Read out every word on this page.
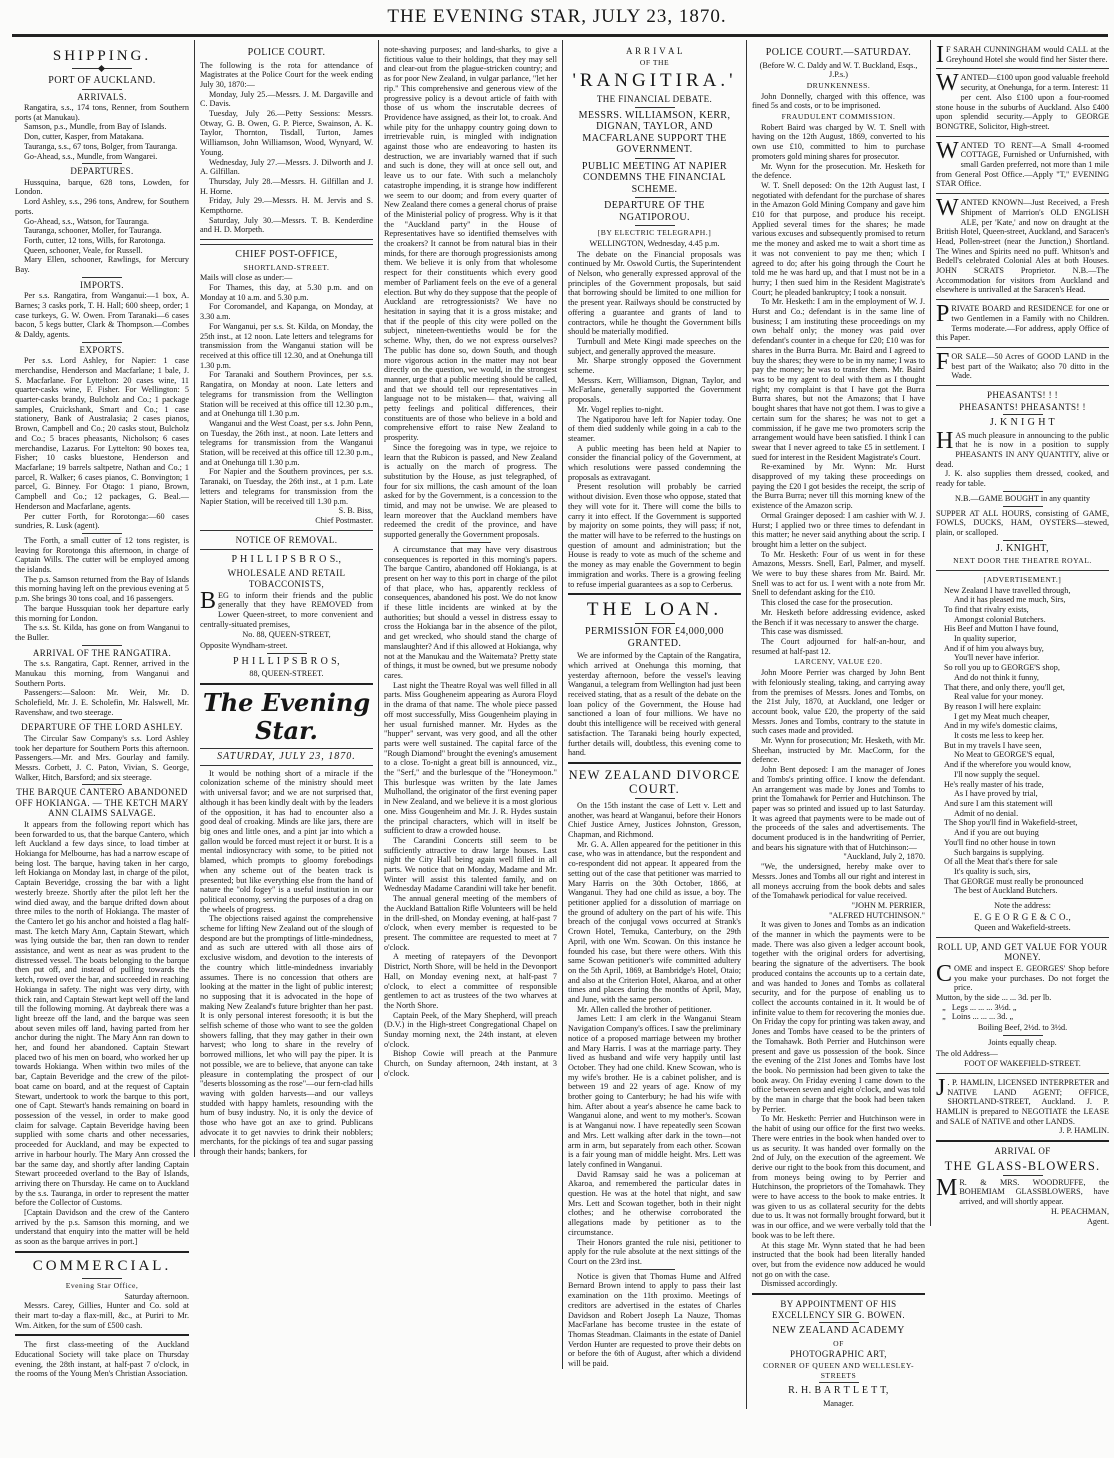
THE EVENING STAR, JULY 23, 1870.
SHIPPING.
PORT OF AUCKLAND.
ARRIVALS.

Rangatira, s.s., 174 tons, Renner, from Southern ports (at Manukau).

Samson, p.s., Mundle, from Bay of Islands.

Don, cutter, Kasper, from Matakana.

Tauranga, s.s., 67 tons, Bolger, from Tauranga.

Go-Ahead, s.s., Mundle, from Wangarei.

DEPARTURES.

Hussquina, barque, 628 tons, Lowden, for London.

Lord Ashley, s.s., 296 tons, Andrew, for Southern ports.

Go-Ahead, s.s., Watson, for Tauranga.

Tauranga, schooner, Moller, for Tauranga.

Forth, cutter, 12 tons, Wills, for Rarotonga.

Queen, schooner, Veale, for Russell.

Mary Ellen, schooner, Rawlings, for Mercury Bay.

IMPORTS.

Per s.s. Rangatira, from Wanganui:—1 box, A. Barnes; 3 casks pork, T. H. Hall; 600 sheep, order; 1 case turkeys, G. W. Owen. From Taranaki—6 cases bacon, 5 kegs butter, Clark & Thompson.—Combes & Daldy, agents.

EXPORTS.

Per s.s. Lord Ashley, for Napier: 1 case merchandise, Henderson and Macfarlane; 1 bale, J. S. Macfarlane. For Lyttelton: 20 cases wine, 11 quarter-casks wine, F. Fisher. For Wellington: 5 quarter-casks brandy, Bulcholz and Co.; 1 package samples, Cruickshank, Smart and Co.; 1 case stationery, Bank of Australasia; 2 cases pianos, Brown, Campbell and Co.; 20 casks stout, Bulcholz and Co.; 5 braces pheasants, Nicholson; 6 cases merchandise, Lazarus. For Lyttelton: 90 boxes tea, Fisher; 10 casks bluestone, Henderson and Macfarlane; 19 barrels saltpetre, Nathan and Co.; 1 parcel, R. Walker; 6 cases pianos, C. Bonvington; 1 parcel, G. Binney. For Otago: 1 piano, Brown, Campbell and Co.; 12 packages, G. Beal.—Henderson and Macfarlane, agents.

Per cutter Forth, for Rorotonga:—60 cases sundries, R. Lusk (agent).

The Forth, a small cutter of 12 tons register, is leaving for Rorotonga this afternoon, in charge of Captain Wills. The cutter will be employed among the islands.

The p.s. Samson returned from the Bay of Islands this morning having left on the previous evening at 5 p.m. She brings 30 tons coal, and 16 passengers.

The barque Hussquian took her departure early this morning for London.

The s.s. St. Kilda, has gone on from Wanganui to the Buller.

ARRIVAL OF THE RANGATIRA.

The s.s. Rangatira, Capt. Renner, arrived in the Manukau this morning, from Wanganui and Southern Ports.

Passengers:—Saloon: Mr. Weir, Mr. D. Scholefield, Mr. J. E. Scholefin, Mr. Halswell, Mr. Ravenshaw, and two steerage.

DEPARTURE OF THE LORD ASHLEY.

The Circular Saw Company's s.s. Lord Ashley took her departure for Southern Ports this afternoon. Passengers.—Mr. and Mrs. Gourlay and family. Messrs. Corbett, J. C. Paton, Vivian, S. George, Walker, Hitch, Barsford; and six steerage.

THE BARQUE CANTERO ABANDONED OFF HOKIANGA. — THE KETCH MARY ANN CLAIMS SALVAGE.

It appears from the following report which has been forwarded to us, that the barque Cantero, which left Auckland a few days since, to load timber at Hokianga for Melbourne, has had a narrow escape of being lost. The barque, having taken in her cargo, left Hokianga on Monday last, in charge of the pilot, Captain Beveridge, crossing the bar with a light westerly breeze. Shortly after the pilot left her the wind died away, and the barque drifted down about three miles to the north of Hokianga. The master of the Cantero let go his anchor and hoisted a flag half-mast. The ketch Mary Ann, Captain Stewart, which was lying outside the bar, then ran down to render assistance, and went as near as was prudent to the distressed vessel. The boats belonging to the barque then put off, and instead of pulling towards the ketch, rowed over the bar, and succeeded in reaching Hokianga in safety. The night was very dirty, with thick rain, and Captain Stewart kept well off the land till the following morning. At daybreak there was a light breeze off the land, and the barque was seen about seven miles off land, having parted from her anchor during the night. The Mary Ann ran down to her, and found her abandoned. Captain Stewart placed two of his men on board, who worked her up towards Hokianga. When within two miles of the bar, Captain Beveridge and the crew of the pilot-boat came on board, and at the request of Captain Stewart, undertook to work the barque to this port, one of Capt. Stewart's hands remaining on board in possession of the vessel, in order to make good claim for salvage. Captain Beveridge having been supplied with some charts and other necessaries, proceeded for Auckland, and may be expected to arrive in harbour hourly. The Mary Ann crossed the bar the same day, and shortly after landing Captain Stewart proceeded overland to the Bay of Islands, arriving there on Thursday. He came on to Auckland by the s.s. Tauranga, in order to represent the matter before the Collector of Customs.

[Captain Davidson and the crew of the Cantero arrived by the p.s. Samson this morning, and we understand that enquiry into the matter will be held as soon as the barque arrives in port.]

COMMERCIAL.
Evening Star Office,
Saturday afternoon.

Messrs. Carey, Gillies, Hunter and Co. sold at their mart to-day a flax-mill, &c., at Puriri to Mr. Wm. Aitken, for the sum of £500 cash.

The first class-meeting of the Auckland Educational Society will take place on Thursday evening, the 28th instant, at half-past 7 o'clock, in the rooms of the Young Men's Christian Association.

POLICE COURT.

The following is the rota for attendance of Magistrates at the Police Court for the week ending July 30, 1870:—

Monday, July 25.—Messrs. J. M. Dargaville and C. Davis.

Tuesday, July 26.—Petty Sessions: Messrs. Otway, G. B. Owen, G. P. Pierce, Swainson, A. K. Taylor, Thornton, Tisdall, Turton, James Williamson, John Williamson, Wood, Wynyard, W. Young.

Wednesday, July 27.—Messrs. J. Dilworth and J. A. Gilfillan.

Thursday, July 28.—Messrs. H. Gilfillan and J. H. Horne.

Friday, July 29.—Messrs. H. M. Jervis and S. Kempthorne.

Saturday, July 30.—Messrs. T. B. Kenderdine and H. D. Morpeth.

CHIEF POST-OFFICE,
SHORTLAND-STREET.

Mails will close as under:—

For Thames, this day, at 5.30 p.m. and on Monday at 10 a.m. and 5.30 p.m.

For Coromandel, and Kapanga, on Monday, at 3.30 a.m.

For Wanganui, per s.s. St. Kilda, on Monday, the 25th inst., at 12 noon. Late letters and telegrams for transmission from the Wanganui station will be received at this office till 12.30, and at Onehunga till 1.30 p.m.

For Taranaki and Southern Provinces, per s.s. Rangatira, on Monday at noon. Late letters and telegrams for transmission from the Wellington Station will be received at this office till 12.30 p.m., and at Onehunga till 1.30 p.m.

Wanganui and the West Coast, per s.s. John Penn, on Tuesday, the 26th inst., at noon. Late letters and telegrams for transmission from the Wanganui Station, will be received at this office till 12.30 p.m., and at Onehunga till 1.30 p.m.

For Napier and the Southern provinces, per s.s. Taranaki, on Tuesday, the 26th inst., at 1 p.m. Late letters and telegrams for transmission from the Napier Station, will be received till 1.30 p.m.

S. B. Biss,
Chief Postmaster.
NOTICE OF REMOVAL.
P H I L L I P S B R O S.,
WHOLESALE AND RETAIL
TOBACCONISTS,

BEG to inform their friends and the public generally that they have REMOVED from Lower Queen-street, to more convenient and centrally-situated premises,

No. 88, QUEEN-STREET,

Opposite Wyndham-street.

P H I L L I P S B R O S,
88, QUEEN-STREET.
The Evening Star.
SATURDAY, JULY 23, 1870.

It would be nothing short of a miracle if the colonization scheme of the ministry should meet with universal favor; and we are not surprised that, although it has been kindly dealt with by the leaders of the opposition, it has had to encounter also a good deal of croaking. Minds are like jars, there are big ones and little ones, and a pint jar into which a gallon would be forced must reject it or burst. It is a mental indiosyncracy with some, to be pitied not blamed, which prompts to gloomy forebodings when any scheme out of the beaten track is presented; but like everything else from the hand of nature the "old fogey" is a useful institution in our political economy, serving the purposes of a drag on the wheels of progress.

The objections raised against the comprehensive scheme for lifting New Zealand out of the slough of despond are but the promptings of little-mindedness, and as such are uttered with all those airs of exclusive wisdom, and devotion to the interests of the country which little-mindedness invariably assumes. There is no concession that others are looking at the matter in the light of public interest; no supposing that it is advocated in the hope of making New Zealand's future brighter than her past. It is only personal interest foresooth; it is but the selfish scheme of those who want to see the golden showers falling, that they may gather in their own harvest; who long to share in the revelry of borrowed millions, let who will pay the piper. It is not possible, we are to believe, that anyone can take pleasure in contemplating the prospect of our "deserts blossoming as the rose"—our fern-clad hills waving with golden harvests—and our valleys studded with happy hamlets, resounding with the hum of busy industry. No, it is only the device of those who have got an axe to grind. Publicans advocate it to get navvies to drink their nobblers; merchants, for the pickings of tea and sugar passing through their hands; bankers, for

note-shaving purposes; and land-sharks, to give a fictitious value to their holdings, that they may sell and clear-out from the plague-stricken country; and as for poor New Zealand, in vulgar parlance, "let her rip." This comprehensive and generous view of the progressive policy is a devout article of faith with those of us whom the inscrutable decrees of Providence have assigned, as their lot, to croak. And while pity for the unhappy country going down to irretrievable ruin, is mingled with indignation against those who are endeavoring to hasten its destruction, we are invariably warned that if such and such is done, they will at once sell out, and leave us to our fate. With such a melancholy catastrophe impending, it is strange how indifferent we seem to our doom; and from every quarter of New Zealand there comes a general chorus of praise of the Ministerial policy of progress. Why is it that the "Auckland party" in the House of Representatives have so identified themselves with the croakers? It cannot be from natural bias in their minds, for there are thorough progressionists among them. We believe it is only from that wholesome respect for their constituents which every good member of Parliament feels on the eve of a general election. But why do they suppose that the people of Auckland are retrogressionists? We have no hesitation in saying that it is a gross mistake; and that if the people of this city were polled on the subject, nineteen-twentieths would be for the scheme. Why, then, do we not express ourselves? The public has done so, down South, and though more vigorous action in the matter may not bear directly on the question, we would, in the strongest manner, urge that a public meeting should be called, and that we should tell our representatives —in language not to be mistaken— that, waiving all petty feelings and political differences, their constituents are of those who believe in a bold and comprehensive effort to raise New Zealand to prosperity.

Since the foregoing was in type, we rejoice to learn that the Rubicon is passed, and New Zealand is actually on the march of progress. The substitution by the House, as just telegraphed, of four for six millions, the cash amount of the loan asked for by the Government, is a concession to the timid, and may not be unwise. We are pleased to learn moreover that the Auckland members have redeemed the credit of the province, and have supported generally the Government proposals.

A circumstance that may have very disastrous consequences is reported in this morning's papers. The barque Cantiro, abandoned off Hokianga, is at present on her way to this port in charge of the pilot of that place, who has, apparently reckless of consequences, abandoned his post. We do not know if these little incidents are winked at by the authorities; but should a vessel in distress essay to cross the Hokianga bar in the absence of the pilot, and get wrecked, who should stand the charge of manslaughter? And if this allowed at Hokianga, why not at the Manukau and the Waitemata? Pretty state of things, it must be owned, but we presume nobody cares.

Last night the Theatre Royal was well filled in all parts. Miss Gougheneim appearing as Aurora Floyd in the drama of that name. The whole piece passed off most successfully, Miss Gougenheim playing in her usual furnished manner. Mr. Hydes as the "hupper" servant, was very good, and all the other parts were well sustained. The capital farce of the "Rough Diamond" brought the evening's amusement to a close. To-night a great bill is announced, viz., the "Serf," and the burlesque of the "Honeymoon." This burlesque was written by the late James Mulholland, the originator of the first evening paper in New Zealand, and we believe it is a most glorious one. Miss Gougenheim and Mr. J. R. Hydes sustain the principal characters, which will in itself be sufficient to draw a crowded house.

The Carandini Concerts still seem to be sufficiently attractive to draw large houses. Last night the City Hall being again well filled in all parts. We notice that on Monday, Madame and Mr. Winter will assist this talented family, and on Wednesday Madame Carandini will take her benefit.

The annual general meeting of the members of the Auckland Battalion Rifle Volunteers will be held in the drill-shed, on Monday evening, at half-past 7 o'clock, when every member is requested to be present. The committee are requested to meet at 7 o'clock.

A meeting of ratepayers of the Devonport District, North Shore, will be held in the Devonport Hall, on Monday evening next, at half-past 7 o'clock, to elect a committee of responsible gentlemen to act as trustees of the two wharves at the North Shore.

Captain Peek, of the Mary Shepherd, will preach (D.V.) in the High-street Congregational Chapel on Sunday morning next, the 24th instant, at eleven o'clock.

Bishop Cowie will preach at the Panmure Church, on Sunday afternoon, 24th instant, at 3 o'clock.

A R R I V A L
OF THE
'RANGITIRA.'
THE FINANCIAL DEBATE.
MESSRS. WILLIAMSON, KERR, DIGNAN, TAYLOR, AND MACFARLANE SUPPORT THE GOVERNMENT.
PUBLIC MEETING AT NAPIER CONDEMNS THE FINANCIAL SCHEME.
DEPARTURE OF THE NGATIPOROU.
[BY ELECTRIC TELEGRAPH.]
WELLINGTON, Wednesday, 4.45 p.m.

The debate on the Financial proposals was continued by Mr. Oswold Curtis, the Superintendent of Nelson, who generally expressed approval of the principles of the Government proposals, but said that borrowing should be limited to one million for the present year. Railways should be constructed by offering a guarantee and grants of land to contractors, while he thought the Government bills should be materially modified.

Turnbull and Mete Kingi made speeches on the subject, and generally approved the measure.

Mr. Sharpe strongly opposed the Government scheme.

Messrs. Kerr, Williamson, Dignan, Taylor, and McFarlane, generally supported the Government proposals.

Mr. Vogel replies to-night.

The Ngatiporou have left for Napier today. One of them died suddenly while going in a cab to the steamer.

A public meeting has been held at Napier to consider the financial policy of the Government, at which resolutions were passed condemning the proposals as extravagant.

Present resolution will probably be carried without division. Even those who oppose, stated that they will vote for it. There will come the bills to carry it into effect. If the Government is supported by majority on some points, they will pass; if not, the matter will have to be referred to the hustings on question of amount and administration; but the House is ready to vote as much of the scheme and the money as may enable the Government to begin immigration and works. There is a growing feeling to refuse imperial guarantees as a sop to Cerberus.

THE LOAN.
PERMISSION FOR £4,000,000 GRANTED.

We are informed by the Captain of the Rangatira, which arrived at Onehunga this morning, that yesterday afternoon, before the vessel's leaving Wanganui, a telegram from Wellington had just been received stating, that as a result of the debate on the loan policy of the Government, the House had sanctioned a loan of four millions. We have no doubt this intelligence will be received with general satisfaction. The Taranaki being hourly expected, further details will, doubtless, this evening come to hand.

NEW ZEALAND DIVORCE COURT.

On the 15th instant the case of Lett v. Lett and another, was heard at Wanganui, before their Honors Chief Justice Arney, Justices Johnston, Gresson, Chapman, and Richmond.

Mr. G. A. Allen appeared for the petitioner in this case, who was in attendance, but the respondent and co-respondent did not appear. It appeared from the setting out of the case that petitioner was married to Mary Harris on the 30th October, 1866, at Wanganui. They had one child as issue, a boy. The petitioner applied for a dissolution of marriage on the ground of adultery on the part of his wife. This breach of the conjugal vows occurred at Strank's Crown Hotel, Temuka, Canterbury, on the 29th April, with one Wm. Scowan. On this instance he founded his case, but there were others. With this same Scowan petitioner's wife committed adultery on the 5th April, 1869, at Bambridge's Hotel, Otaio; and also at the Criterion Hotel, Akaroa, and at other times and places during the months of April, May, and June, with the same person.

Mr. Allen called the brother of petitioner.

James Lett: I am clerk in the Wanganui Steam Navigation Company's offices. I saw the preliminary notice of a proposed marriage between my brother and Mary Harris. I was at the marriage party. They lived as husband and wife very happily until last October. They had one child. Knew Scowan, who is my wife's brother. He is a cabinet polisher, and is between 19 and 22 years of age. Know of my brother going to Canterbury; he had his wife with him. After about a year's absence he came back to Wanganui alone, and went to my mother's. Scowan is at Wanganui now. I have repeatedly seen Scowan and Mrs. Lett walking after dark in the town—not arm in arm, but separately from each other. Scowan is a fair young man of middle height. Mrs. Lett was lately confined in Wanganui.

David Ramsay said he was a policeman at Akaroa, and remembered the particular dates in question. He was at the hotel that night, and saw Mrs. Lett and Scowan together, both in their night clothes; and he otherwise corroborated the allegations made by petitioner as to the circumstance.

Their Honors granted the rule nisi, petitioner to apply for the rule absolute at the next sittings of the Court on the 23rd inst.

Notice is given that Thomas Hume and Alfred Bernard Brown intend to apply to pass their last examination on the 11th proximo. Meetings of creditors are advertised in the estates of Charles Davidson and Robert Joseph La Nauze, Thomas MacFarlane has become trustee in the estate of Thomas Steadman. Claimants in the estate of Daniel Verdon Hunter are requested to prove their debts on or before the 6th of August, after which a dividend will be paid.

POLICE COURT.—SATURDAY.
(Before W. C. Daldy and W. T. Buckland, Esqs., J.P.s.)
DRUNKENNESS.

John Donnelly, charged with this offence, was fined 5s and costs, or to be imprisoned.

FRAUDULENT COMMISSION.

Robert Baird was charged by W. T. Snell with having on the 12th August, 1869, converted to his own use £10, committed to him to purchase promoters gold mining shares for prosecutor.

Mr. Wynn for the prosecution. Mr. Hesketh for the defence.

W. T. Snell deposed: On the 12th August last, I negotiated with defendant for the purchase of shares in the Amazon Gold Mining Company and gave him £10 for that purpose, and produce his receipt. Applied several times for the shares; he made various excuses and subsequently promised to return me the money and asked me to wait a short time as it was not convenient to pay me then; which I agreed to do; after his going through the Court he told me he was hard up, and that I must not be in a hurry; I then sued him in the Resident Magistrate's Court; he pleaded bankruptcy; I took a nonsuit.

To Mr. Hesketh: I am in the employment of W. J. Hurst and Co.; defendant is in the same line of business; I am instituting these proceedings on my own behalf only; the money was paid over defendant's counter in a cheque for £20; £10 was for shares in the Burra Burra. Mr. Baird and I agreed to buy the shares; they were to be in my name; I was to pay the money; he was to transfer them. Mr. Baird was to be my agent to deal with them as I thought right; my complaint is that I have got the Burra Burra shares, but not the Amazons; that I have bought shares that have not got them. I was to give a certain sum for the shares; he was not to get a commission, if he gave me two promoters scrip the arrangement would have been satisfied. I think I can swear that I never agreed to take £5 in settlement. I sued for interest in the Resident Magistrate's Court.

Re-examined by Mr. Wynn: Mr. Hurst disapproved of my taking these proceedings on paying the £20 I got besides the receipt, the scrip of the Burra Burra; never till this morning knew of the existence of the Amazon scrip.

Ormal Grainger deposed: I am cashier with W. J. Hurst; I applied two or three times to defendant in this matter; he never said anything about the scrip. I brought him a letter on the subject.

To Mr. Hesketh: Four of us went in for these Amazons, Messrs. Snell, Earl, Palmer, and myself. We were to buy these shares from Mr. Baird. Mr. Snell was to act for us. I went with a note from Mr. Snell to defendant asking for the £10.

This closed the case for the prosecution.

Mr. Hesketh before addressing evidence, asked the Bench if it was necessary to answer the charge.

This case was dismissed.

The Court adjourned for half-an-hour, and resumed at half-past 12.

LARCENY, VALUE £20.

John Moore Perrier was charged by John Bent with feloniously stealing, taking, and carrying away from the premises of Messrs. Jones and Tombs, on the 21st July, 1870, at Auckland, one ledger or account book, value £20, the property of the said Messrs. Jones and Tombs, contrary to the statute in such cases made and provided.

Mr. Wynn for prosecution; Mr. Hesketh, with Mr. Sheehan, instructed by Mr. MacCorm, for the defence.

John Bent deposed: I am the manager of Jones and Tombs's printing office. I know the defendant. An arrangement was made by Jones and Tombs to print the Tomahawk for Perrier and Hutchinson. The paper was so printed and issued up to last Saturday. It was agreed that payments were to be made out of the proceeds of the sales and advertisements. The document produced is in the handwriting of Perrier, and bears his signature with that of Hutchinson:—

"Auckland, July 2, 1870.

"We, the undersigned, hereby make over to Messrs. Jones and Tombs all our right and interest in all moneys accruing from the book debts and sales of the Tomahawk periodical for value received.

"JOHN M. PERRIER,
"ALFRED HUTCHINSON."

It was given to Jones and Tombs as an indication of the manner in which the payments were to be made. There was also given a ledger account book, together with the original orders for advertising, bearing the signature of the advertisers. The book produced contains the accounts up to a certain date, and was handed to Jones and Tombs as collateral security, and for the purpose of enabling us to collect the accounts contained in it. It would be of infinite value to them for recovering the monies due. On Friday the copy for printing was taken away, and Jones and Tombs have ceased to be the printers of the Tomahawk. Both Perrier and Hutchinson were present and gave us possession of the book. Since the evening of the 21st Jones and Tombs have lost the book. No permission had been given to take the book away. On Friday evening I came down to the office between seven and eight o'clock, and was told by the man in charge that the book had been taken by Perrier.

To Mr. Hesketh: Perrier and Hutchinson were in the habit of using our office for the first two weeks. There were entries in the book when handed over to us as security. It was handed over formally on the 2nd of July, on the execution of the agreement. We derive our right to the book from this document, and from moneys being owing to by Perrier and Hutchinson, the proprietors of the Tomahawk. They were to have access to the book to make entries. It was given to us as collateral security for the debts due to us. It was not formally brought forward, but it was in our office, and we were verbally told that the book was to be left there.

At this stage Mr. Wynn stated that he had been instructed that the book had been literally handed over, but from the evidence now adduced he would not go on with the case.

Dismissed accordingly.

BY APPOINTMENT OF HIS EXCELLENCY SIR G. BOWEN.
NEW ZEALAND ACADEMY
OF
PHOTOGRAPHIC ART,
CORNER OF QUEEN AND WELLESLEY-STREETS
R. H. B A R T L E T T,
Manager.

I F SARAH CUNNINGHAM would CALL at the Greyhound Hotel she would find her Sister there.

WANTED—£100 upon good valuable freehold security, at Onehunga, for a term. Interest: 11 per cent. Also £100 upon a four-roomed stone house in the suburbs of Auckland. Also £400 upon splendid security.—Apply to GEORGE BONGTRE, Solicitor, High-street.

WANTED TO RENT—A Small 4-roomed COTTAGE, Furnished or Unfurnished, with small Garden preferred, not more than 1 mile from General Post Office.—Apply "T," EVENING STAR Office.

WANTED KNOWN—Just Received, a Fresh Shipment of Marrion's OLD ENGLISH ALE, per 'Kate,' and now on draught at the British Hotel, Queen-street, Auckland, and Saracen's Head, Pollen-street (near the Junction,) Shortland. The Wines and Spirits need no puff. Whitson's and Bedell's celebrated Colonial Ales at both Houses. JOHN SCRATS Proprietor. N.B.—The Accommodation for visitors from Auckland and elsewhere is unrivalled at the Saracen's Head.

PRIVATE BOARD and RESIDENCE for one or two Gentlemen in a Family with no Children. Terms moderate.—For address, apply Office of this Paper.

FOR SALE—50 Acres of GOOD LAND in the best part of the Waikato; also 70 ditto in the Wade.

PHEASANTS! ! !
PHEASANTS! PHEASANTS! !
J. K N I G H T

HAS much pleasure in announcing to the public that he is now in a position to supply PHEASANTS IN ANY QUANTITY, alive or dead.

J. K. also supplies them dressed, cooked, and ready for table.

N.B.—GAME BOUGHT in any quantity

SUPPER AT ALL HOURS, consisting of GAME, FOWLS, DUCKS, HAM, OYSTERS—stewed, plain, or scalloped.

J. KNIGHT,
NEXT DOOR THE THEATRE ROYAL.
[ADVERTISEMENT.]
New Zealand I have travelled through,
And it has pleased me much, Sirs,
To find that rivalry exists,
Amongst colonial Butchers.
His Beef and Mutton I have found,
In quality superior,
And if of him you always buy,
You'll never have inferior.
So roll you up to GEORGE'S shop,
And do not think it funny,
That there, and only there, you'll get,
Real value for your money.
By reason I will here explain:
I get my Meat much cheaper,
And in my wife's domestic claims,
It costs me less to keep her.
But in my travels I have seen,
No Meat to GEORGE'S equal,
And if the wherefore you would know,
I'll now supply the sequel.
He's really master of his trade,
As I have proved by trial,
And sure I am this statement will
Admit of no denial.
The Shop you'll find in Wakefield-street,
And if you are out buying
You'll find no other house in town
Such bargains is supplying.
Of all the Meat that's there for sale
It's quality is such, sirs,
That GEORGE must really be pronounced
The best of Auckland Butchers.
Note the address:
E. G E O R G E & C O.,
Queen and Wakefield-streets.
ROLL UP, AND GET VALUE FOR YOUR MONEY.

COME and inspect E. GEORGES' Shop before you make your purchases. Do not forget the price.

Mutton, by the side ... ... 3d. per lb.

„   Legs ... ... ... 3½d. „

„   Loins ... ... ... 3d. „

Boiling Beef, 2½d. to 3½d.
Joints equally cheap.

The old Address—

FOOT OF WAKEFIELD-STREET.

J . P. HAMLIN, LICENSED INTERPRETER and NATIVE LAND AGENT; OFFICE, SHORTLAND-STREET, Auckland. J. P. HAMLIN is prepared to NEGOTIATE the LEASE and SALE of NATIVE and other LANDS.

J. P. HAMLIN.
ARRIVAL OF
THE GLASS-BLOWERS.

M R. & MRS. WOODRUFFE, the BOHEMIAM GLASSBLOWERS, have arrived, and will shortly appear.

H. PEACHMAN,
Agent.
